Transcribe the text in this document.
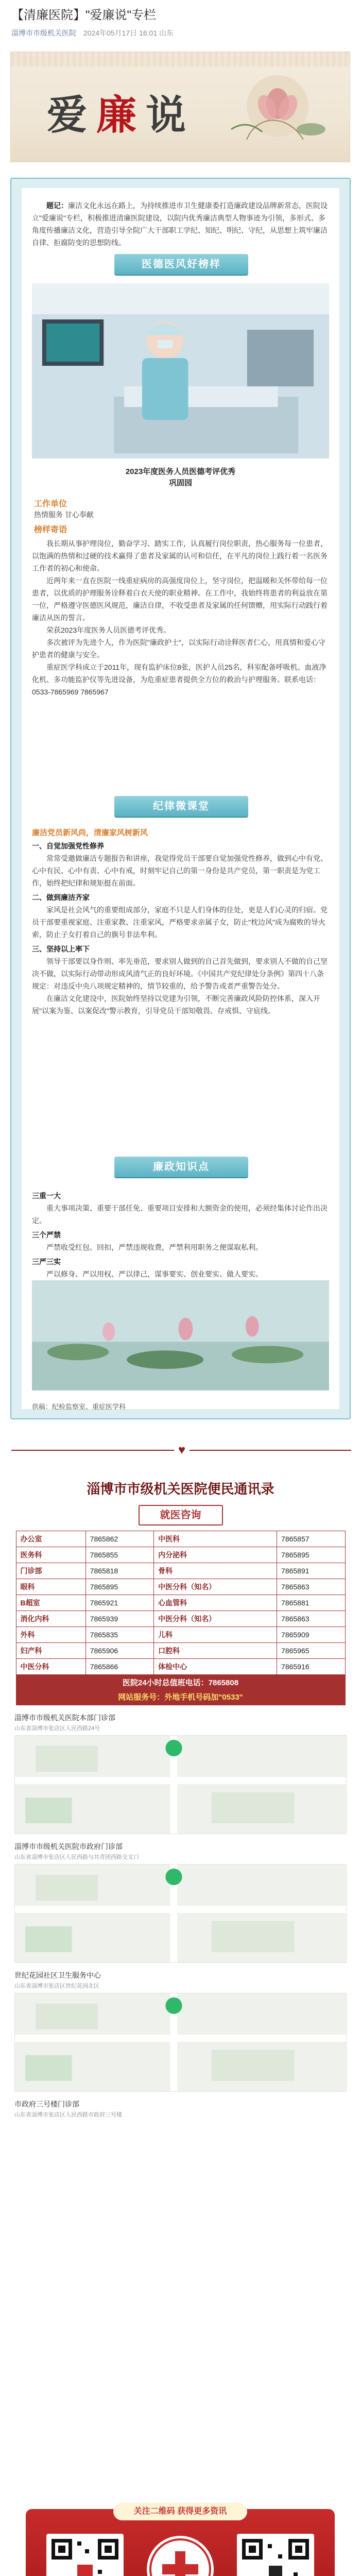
【清廉医院】"爱廉说"专栏
淄博市市级机关医院 2024年05月17日 16:01 山东
爱廉说

题记：廉洁文化永远在路上，为持续推进市卫生健康委打造廉政建设品牌新常态，医院设立"爱廉说"专栏，积极推进清廉医院建设，以院内优秀廉洁典型人物事迹为引领，多形式、多角度传播廉洁文化，营造引导全院广大干部职工学纪、知纪、明纪、守纪，从思想上筑牢廉洁自律、拒腐防变的思想防线。

医德医风好榜样
2023年度医务人员医德考评优秀
巩固园
工作单位
热情服务 甘心奉献
榜样寄语

我长期从事护理岗位，勤奋学习、踏实工作，认真履行岗位职责，热心服务每一位患者，以饱满的热情和过硬的技术赢得了患者及家属的认可和信任，在平凡的岗位上践行着一名医务工作者的初心和使命。

近两年来一直在医院一线重症病房的高强度岗位上，坚守岗位，把温暖和关怀带给每一位患者，以优质的护理服务诠释着白衣天使的职业精神。在工作中，我始终将患者的利益放在第一位，严格遵守医德医风规范，廉洁自律，不收受患者及家属的任何馈赠，用实际行动践行着廉洁从医的誓言。

荣获2023年度医务人员医德考评优秀。

多次被评为先进个人，作为医院"廉政护士"，以实际行动诠释医者仁心，用真情和爱心守护患者的健康与安全。

重症医学科成立于2011年，现有监护床位8张，医护人员25名，科室配备呼吸机、血液净化机、多功能监护仪等先进设备，为危重症患者提供全方位的救治与护理服务。联系电话：0533-7865969 7865967

纪律微课堂
廉洁党员新风尚，清廉家风树新风
一、自觉加强党性修养

常常受邀做廉洁专题报告和讲座，我觉得党员干部要自觉加强党性修养，做到心中有党、心中有民、心中有责、心中有戒，时刻牢记自己的第一身份是共产党员，第一职责是为党工作，始终把纪律和规矩挺在前面。

二、做到廉洁齐家

家风是社会风气的重要组成部分，家庭不只是人们身体的住处，更是人们心灵的归宿。党员干部要重视家庭、注重家教、注重家风，严格要求亲属子女，防止"枕边风"成为腐败的导火索，防止子女打着自己的旗号非法牟利。

三、坚持以上率下

领导干部要以身作则、率先垂范，要求别人做到的自己首先做到，要求别人不做的自己坚决不做，以实际行动带动形成风清气正的良好环境。《中国共产党纪律处分条例》第四十八条规定：对违反中央八项规定精神的，情节较重的，给予警告或者严重警告处分。

在廉洁文化建设中，医院始终坚持以党建为引领，不断完善廉政风险防控体系，深入开展"以案为鉴、以案促改"警示教育，引导党员干部知敬畏、存戒惧、守底线。

廉政知识点
三重一大

重大事项决策、重要干部任免、重要项目安排和大额资金的使用，必须经集体讨论作出决定。

三个严禁

严禁收受红包、回扣，严禁违规收费，严禁利用职务之便谋取私利。

三严三实

严以修身、严以用权、严以律己，谋事要实、创业要实、做人要实。

供稿：纪检监察室、重症医学科
♥
淄博市市级机关医院便民通讯录
就医咨询
办公室	7865862	中医科	7865857
医务科	7865855	内分泌科	7865895
门诊部	7865818	骨科	7865891
眼科	7865895	中医分科（知名）	7865863
B超室	7865921	心血管科	7865881
消化内科	7865939	中医分科（知名）	7865863
外科	7865835	儿科	7865909
妇产科	7865906	口腔科	7865965
中医分科	7865866	体检中心	7865916
医院24小时总值班电话：7865808
网站服务号：外地手机号码加"0533"
淄博市市级机关医院本部门诊部
山东省淄博市张店区人民西路24号
淄博市市级机关医院市政府门诊部
山东省淄博市张店区人民西路与共青团西路交叉口
世纪花园社区卫生服务中心
山东省淄博市张店区世纪花园北区
市政府三号楼门诊部
山东省淄博市张店区人民西路市政府三号楼
关注二维码 获得更多资讯
